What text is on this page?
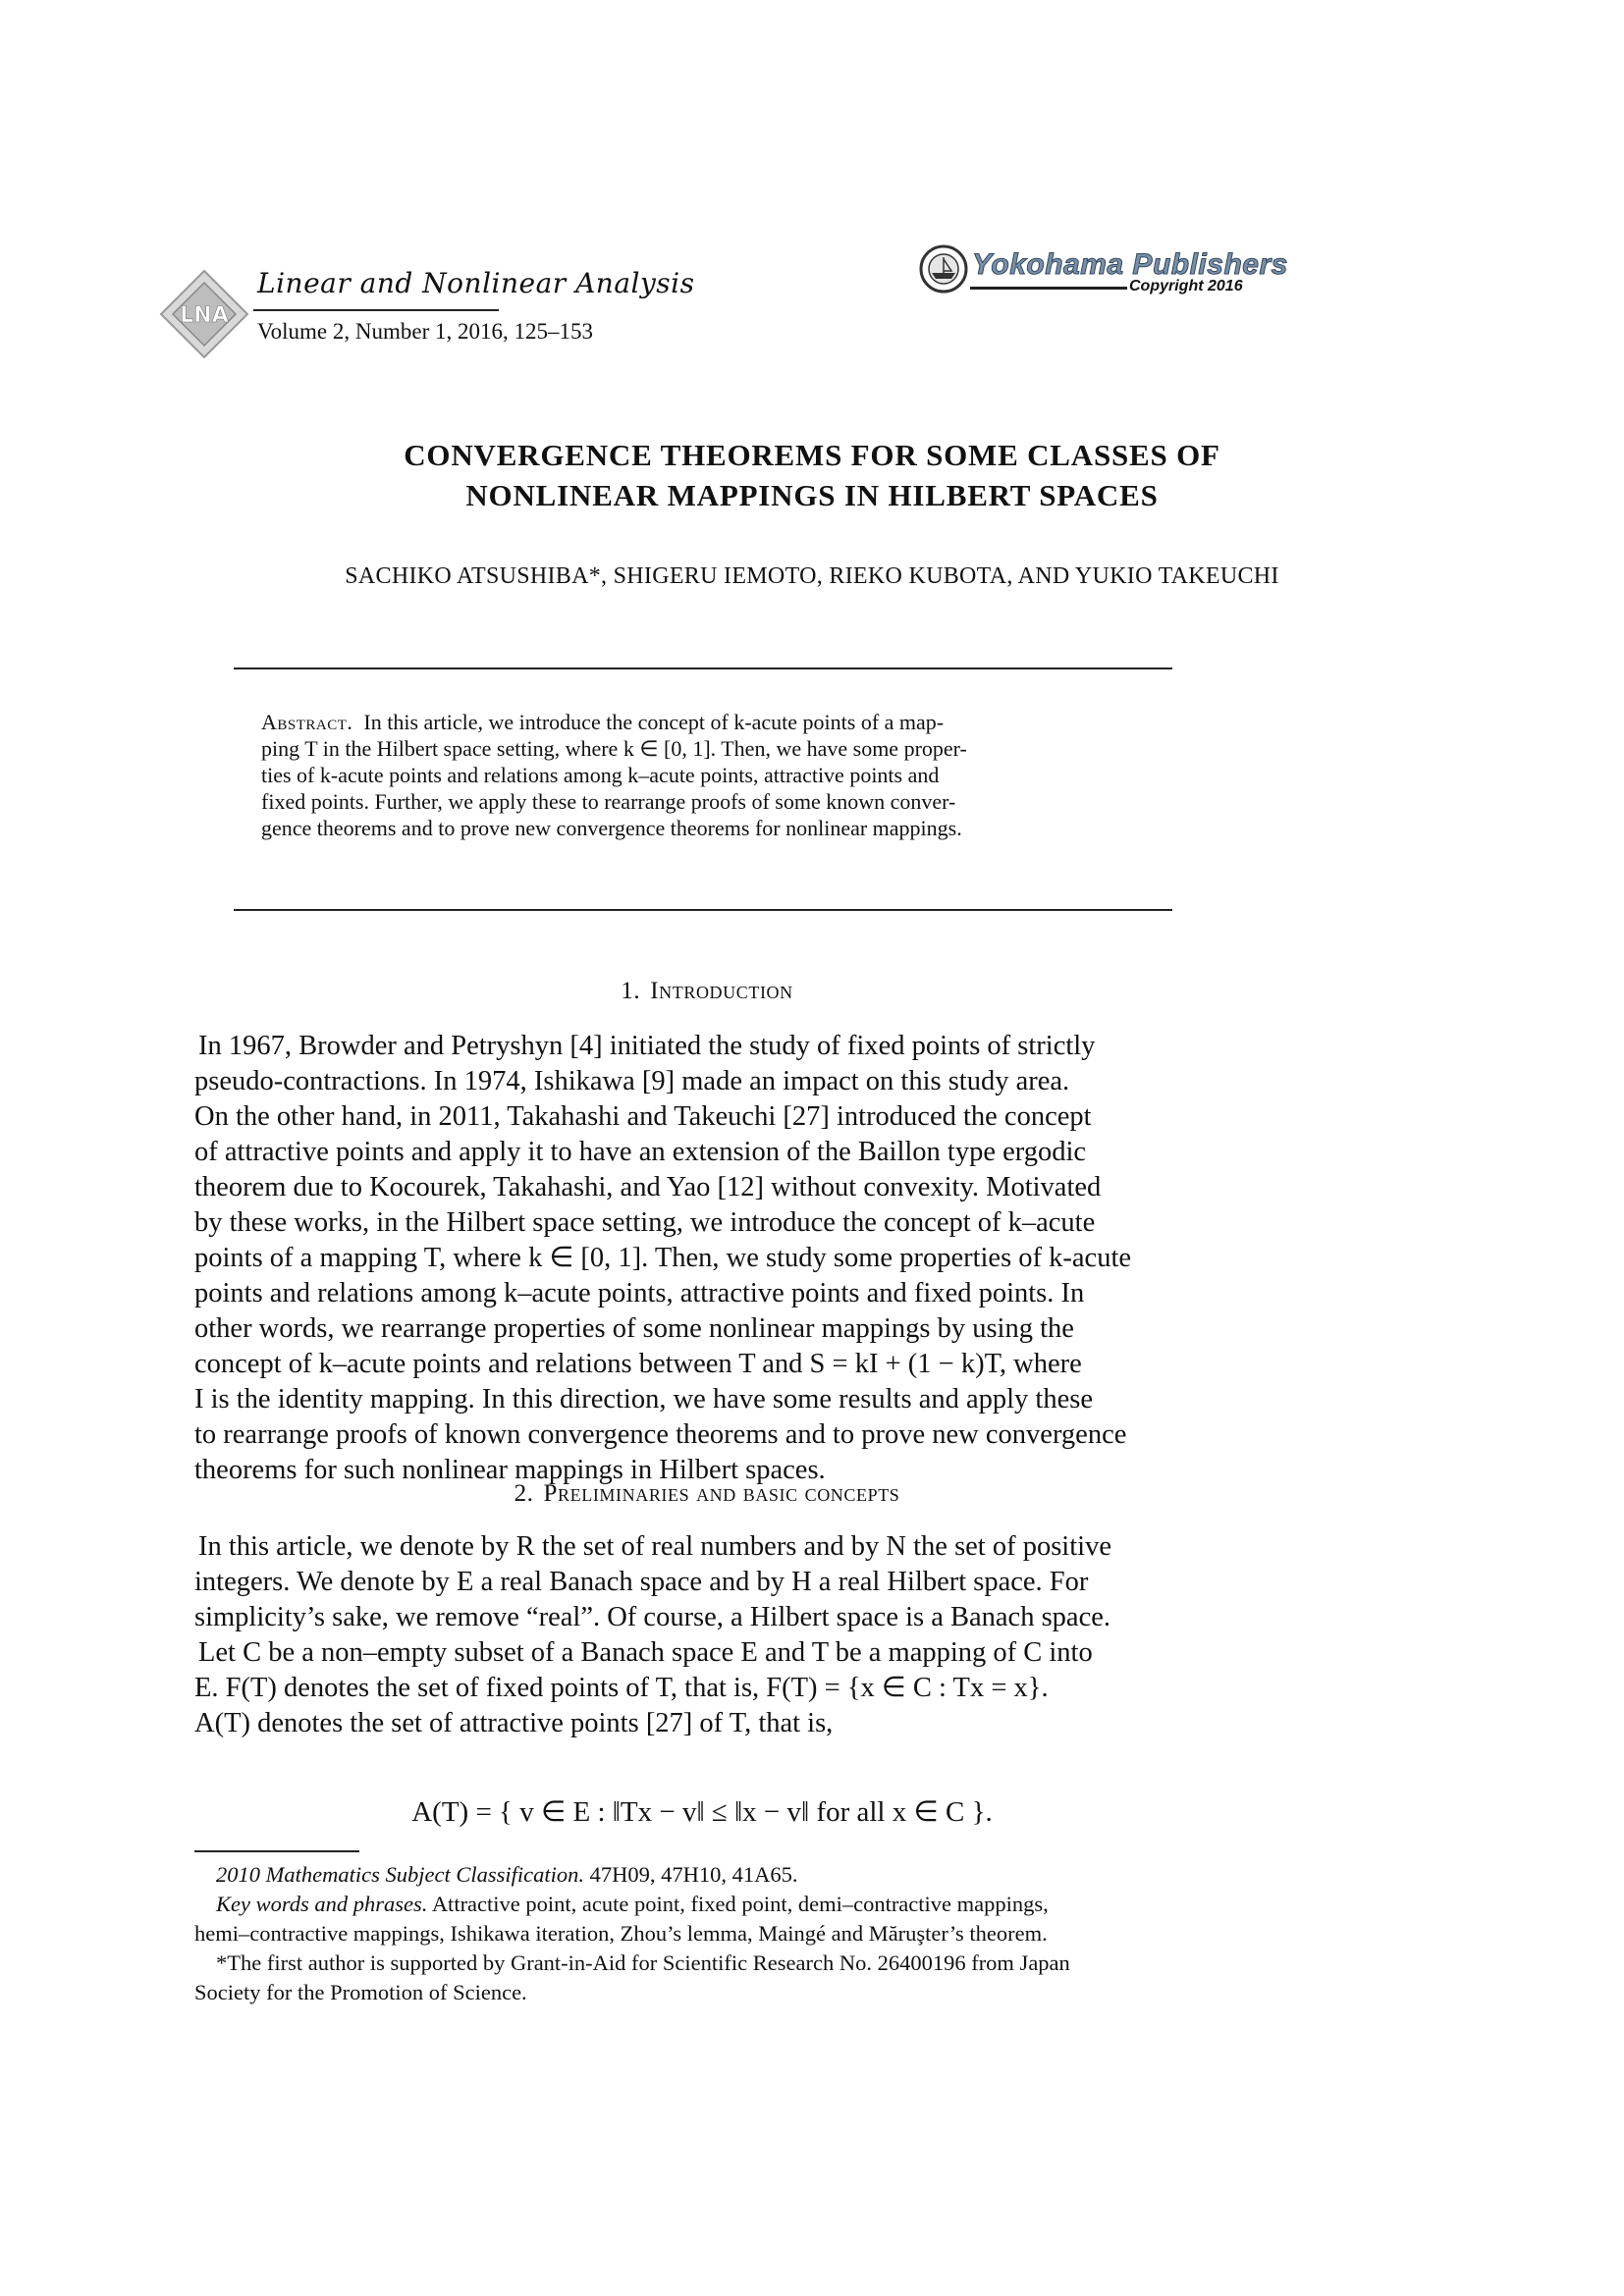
LNA
Linear and Nonlinear Analysis
Volume 2, Number 1, 2016, 125–153
Yokohama Publishers
Copyright 2016
CONVERGENCE THEOREMS FOR SOME CLASSES OF
NONLINEAR MAPPINGS IN HILBERT SPACES
SACHIKO ATSUSHIBA*, SHIGERU IEMOTO, RIEKO KUBOTA, AND YUKIO TAKEUCHI
Abstract. In this article, we introduce the concept of k-acute points of a map-
ping T in the Hilbert space setting, where k ∈ [0, 1]. Then, we have some proper-
ties of k-acute points and relations among k–acute points, attractive points and
fixed points. Further, we apply these to rearrange proofs of some known conver-
gence theorems and to prove new convergence theorems for nonlinear mappings.
1. Introduction
In 1967, Browder and Petryshyn [4] initiated the study of fixed points of strictly
pseudo-contractions. In 1974, Ishikawa [9] made an impact on this study area.
On the other hand, in 2011, Takahashi and Takeuchi [27] introduced the concept
of attractive points and apply it to have an extension of the Baillon type ergodic
theorem due to Kocourek, Takahashi, and Yao [12] without convexity. Motivated
by these works, in the Hilbert space setting, we introduce the concept of k–acute
points of a mapping T, where k ∈ [0, 1]. Then, we study some properties of k-acute
points and relations among k–acute points, attractive points and fixed points. In
other words, we rearrange properties of some nonlinear mappings by using the
concept of k–acute points and relations between T and S = kI + (1 − k)T, where
I is the identity mapping. In this direction, we have some results and apply these
to rearrange proofs of known convergence theorems and to prove new convergence
theorems for such nonlinear mappings in Hilbert spaces.
2. Preliminaries and basic concepts
In this article, we denote by R the set of real numbers and by N the set of positive
integers. We denote by E a real Banach space and by H a real Hilbert space. For
simplicity’s sake, we remove “real”. Of course, a Hilbert space is a Banach space.
Let C be a non–empty subset of a Banach space E and T be a mapping of C into
E. F(T) denotes the set of fixed points of T, that is, F(T) = {x ∈ C : Tx = x}.
A(T) denotes the set of attractive points [27] of T, that is,
A(T) = { v ∈ E : ‖Tx − v‖ ≤ ‖x − v‖ for all x ∈ C }.
2010 Mathematics Subject Classification. 47H09, 47H10, 41A65.
Key words and phrases. Attractive point, acute point, fixed point, demi–contractive mappings,
hemi–contractive mappings, Ishikawa iteration, Zhou’s lemma, Maingé and Măruşter’s theorem.
*The first author is supported by Grant-in-Aid for Scientific Research No. 26400196 from Japan
Society for the Promotion of Science.
